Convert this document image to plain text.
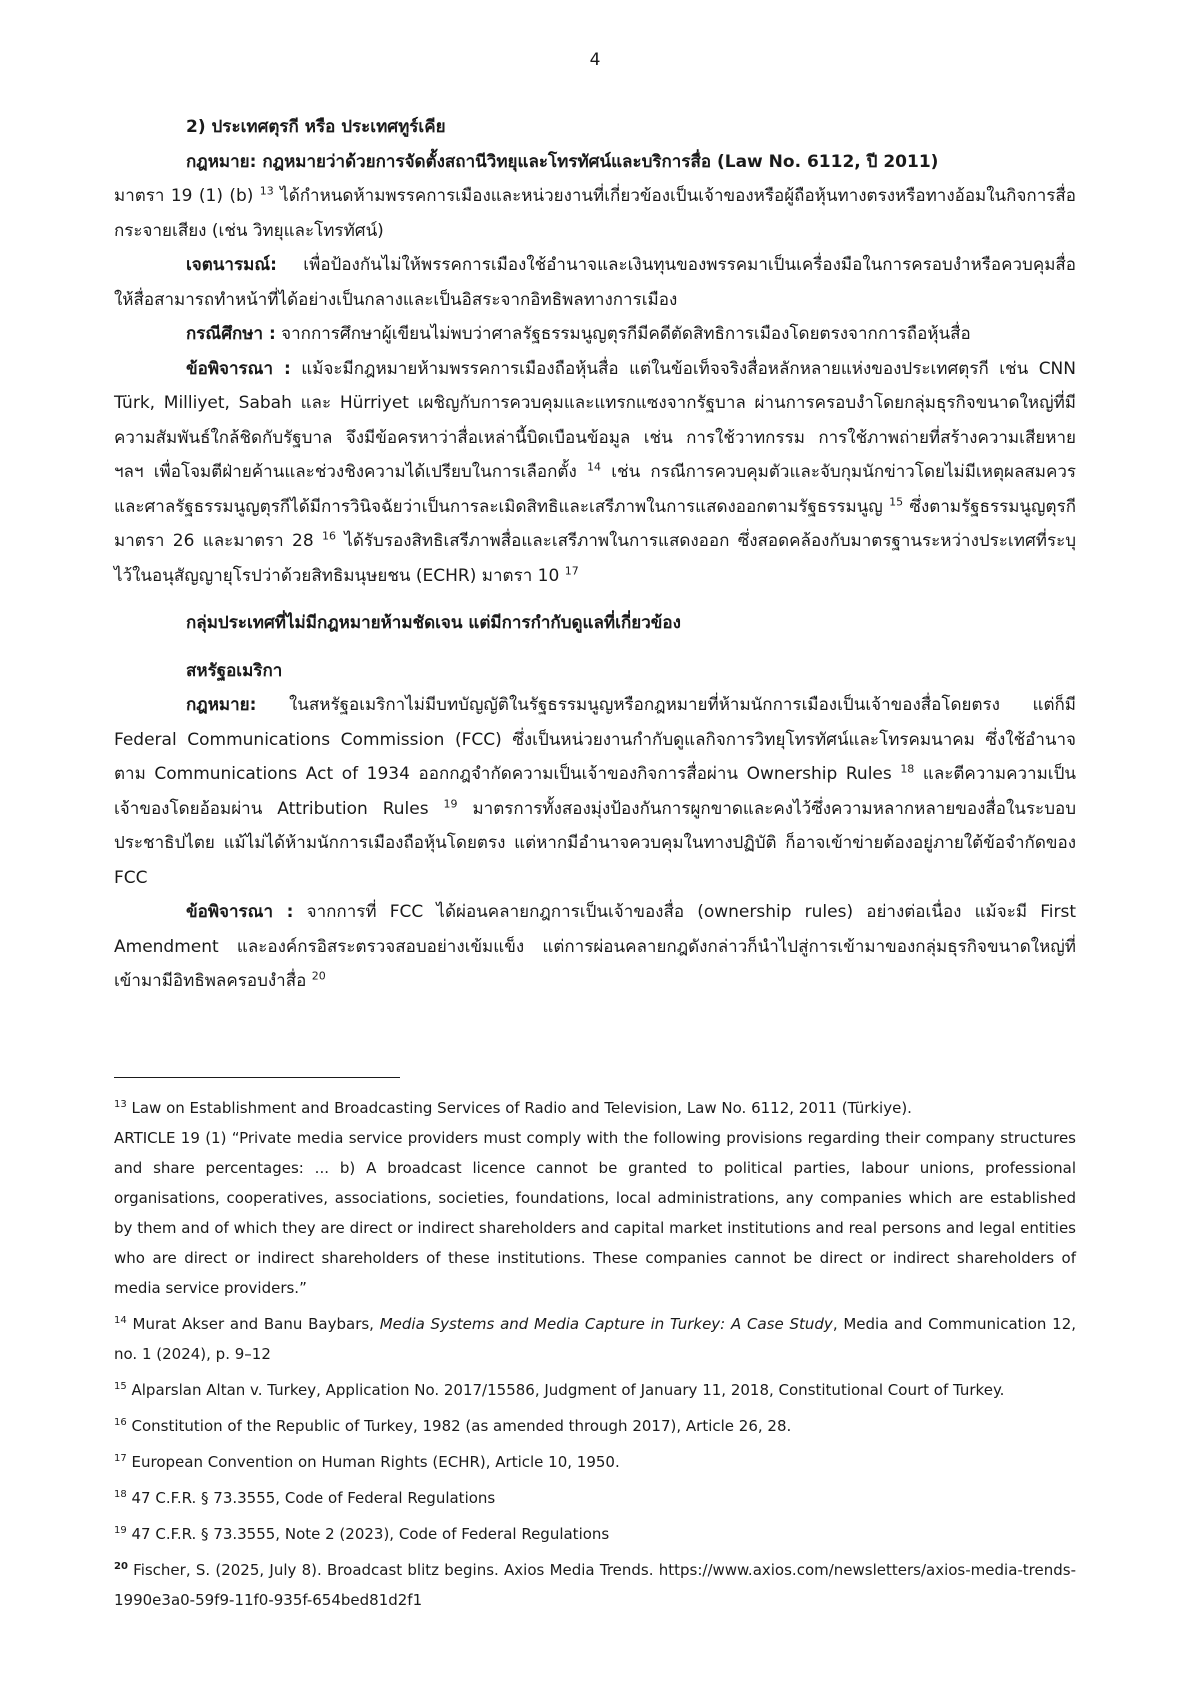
4

2) ประเทศตุรกี หรือ ประเทศทูร์เคีย

กฎหมาย: กฎหมายว่าด้วยการจัดตั้งสถานีวิทยุและโทรทัศน์และบริการสื่อ (Law No. 6112, ปี 2011)
มาตรา 19 (1) (b) $^{13}$ ได้กำหนดห้ามพรรคการเมืองและหน่วยงานที่เกี่ยวข้องเป็นเจ้าของหรือผู้ถือหุ้นทางตรงหรือทางอ้อมในกิจการสื่อกระจายเสียง (เช่น วิทยุและโทรทัศน์)

เจตนารมณ์: เพื่อป้องกันไม่ให้พรรคการเมืองใช้อำนาจและเงินทุนของพรรคมาเป็นเครื่องมือในการครอบงำหรือควบคุมสื่อ ให้สื่อสามารถทำหน้าที่ได้อย่างเป็นกลางและเป็นอิสระจากอิทธิพลทางการเมือง

กรณีศึกษา : จากการศึกษาผู้เขียนไม่พบว่าศาลรัฐธรรมนูญตุรกีมีคดีตัดสิทธิการเมืองโดยตรงจากการถือหุ้นสื่อ

ข้อพิจารณา : แม้จะมีกฎหมายห้ามพรรคการเมืองถือหุ้นสื่อ แต่ในข้อเท็จจริงสื่อหลักหลายแห่งของประเทศตุรกี เช่น CNN Türk, Milliyet, Sabah และ Hürriyet เผชิญกับการควบคุมและแทรกแซงจากรัฐบาล ผ่านการครอบงำโดยกลุ่มธุรกิจขนาดใหญ่ที่มีความสัมพันธ์ใกล้ชิดกับรัฐบาล จึงมีข้อครหาว่าสื่อเหล่านี้บิดเบือนข้อมูล เช่น การใช้วาทกรรม การใช้ภาพถ่ายที่สร้างความเสียหาย ฯลฯ เพื่อโจมตีฝ่ายค้านและช่วงชิงความได้เปรียบในการเลือกตั้ง $^{14}$ เช่น กรณีการควบคุมตัวและจับกุมนักข่าวโดยไม่มีเหตุผลสมควร และศาลรัฐธรรมนูญตุรกีได้มีการวินิจฉัยว่าเป็นการละเมิดสิทธิและเสรีภาพในการแสดงออกตามรัฐธรรมนูญ $^{15}$ ซึ่งตามรัฐธรรมนูญตุรกี มาตรา 26 และมาตรา 28 $^{16}$ ได้รับรองสิทธิเสรีภาพสื่อและเสรีภาพในการแสดงออก ซึ่งสอดคล้องกับมาตรฐานระหว่างประเทศที่ระบุไว้ในอนุสัญญายุโรปว่าด้วยสิทธิมนุษยชน (ECHR) มาตรา 10 $^{17}$

กลุ่มประเทศที่ไม่มีกฎหมายห้ามชัดเจน แต่มีการกำกับดูแลที่เกี่ยวข้อง

สหรัฐอเมริกา

กฎหมาย: ในสหรัฐอเมริกาไม่มีบทบัญญัติในรัฐธรรมนูญหรือกฎหมายที่ห้ามนักการเมืองเป็นเจ้าของสื่อโดยตรง แต่ก็มี Federal Communications Commission (FCC) ซึ่งเป็นหน่วยงานกำกับดูแลกิจการวิทยุโทรทัศน์และโทรคมนาคม ซึ่งใช้อำนาจตาม Communications Act of 1934 ออกกฎจำกัดความเป็นเจ้าของกิจการสื่อผ่าน Ownership Rules $^{18}$ และตีความความเป็นเจ้าของโดยอ้อมผ่าน Attribution Rules $^{19}$ มาตรการทั้งสองมุ่งป้องกันการผูกขาดและคงไว้ซึ่งความหลากหลายของสื่อในระบอบประชาธิปไตย แม้ไม่ได้ห้ามนักการเมืองถือหุ้นโดยตรง แต่หากมีอำนาจควบคุมในทางปฏิบัติ ก็อาจเข้าข่ายต้องอยู่ภายใต้ข้อจำกัดของ FCC

ข้อพิจารณา : จากการที่ FCC ได้ผ่อนคลายกฎการเป็นเจ้าของสื่อ (ownership rules) อย่างต่อเนื่อง แม้จะมี First Amendment และองค์กรอิสระตรวจสอบอย่างเข้มแข็ง แต่การผ่อนคลายกฎดังกล่าวก็นำไปสู่การเข้ามาของกลุ่มธุรกิจขนาดใหญ่ที่เข้ามามีอิทธิพลครอบงำสื่อ $^{20}$

$^{13}$ Law on Establishment and Broadcasting Services of Radio and Television, Law No. 6112, 2011 (Türkiye).

ARTICLE 19 (1) “Private media service providers must comply with the following provisions regarding their company structures and share percentages: ... b) A broadcast licence cannot be granted to political parties, labour unions, professional organisations, cooperatives, associations, societies, foundations, local administrations, any companies which are established by them and of which they are direct or indirect shareholders and capital market institutions and real persons and legal entities who are direct or indirect shareholders of these institutions. These companies cannot be direct or indirect shareholders of media service providers.”

$^{14}$ Murat Akser and Banu Baybars, Media Systems and Media Capture in Turkey: A Case Study, Media and Communication 12, no. 1 (2024), p. 9–12

$^{15}$ Alparslan Altan v. Turkey, Application No. 2017/15586, Judgment of January 11, 2018, Constitutional Court of Turkey.

$^{16}$ Constitution of the Republic of Turkey, 1982 (as amended through 2017), Article 26, 28.

$^{17}$ European Convention on Human Rights (ECHR), Article 10, 1950.

$^{18}$ 47 C.F.R. § 73.3555, Code of Federal Regulations

$^{19}$ 47 C.F.R. § 73.3555, Note 2 (2023), Code of Federal Regulations

$^{20}$ Fischer, S. (2025, July 8). Broadcast blitz begins. Axios Media Trends. https://www.axios.com/newsletters/axios-media-trends-1990e3a0-59f9-11f0-935f-654bed81d2f1
